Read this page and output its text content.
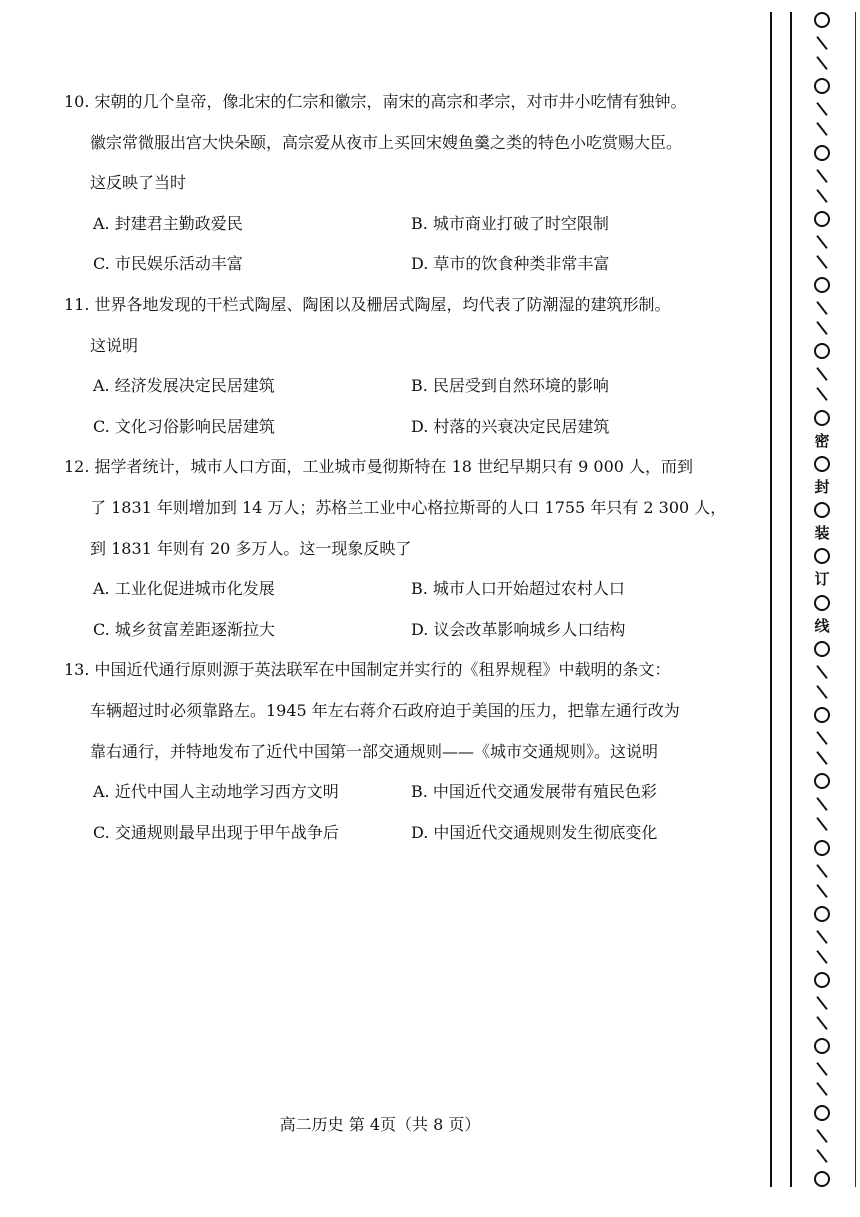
10. 宋朝的几个皇帝，像北宋的仁宗和徽宗，南宋的高宗和孝宗，对市井小吃情有独钟。
徽宗常微服出宫大快朵颐，高宗爱从夜市上买回宋嫂鱼羹之类的特色小吃赏赐大臣。
这反映了当时
A. 封建君主勤政爱民	B. 城市商业打破了时空限制
C. 市民娱乐活动丰富	D. 草市的饮食种类非常丰富
11. 世界各地发现的干栏式陶屋、陶囷以及栅居式陶屋，均代表了防潮湿的建筑形制。
这说明
A. 经济发展决定民居建筑	B. 民居受到自然环境的影响
C. 文化习俗影响民居建筑	D. 村落的兴衰决定民居建筑
12. 据学者统计，城市人口方面，工业城市曼彻斯特在 18 世纪早期只有 9 000 人，而到
了 1831 年则增加到 14 万人；苏格兰工业中心格拉斯哥的人口 1755 年只有 2 300 人，
到 1831 年则有 20 多万人。这一现象反映了
A. 工业化促进城市化发展	B. 城市人口开始超过农村人口
C. 城乡贫富差距逐渐拉大	D. 议会改革影响城乡人口结构
13. 中国近代通行原则源于英法联军在中国制定并实行的《租界规程》中载明的条文：
车辆超过时必须靠路左。1945 年左右蒋介石政府迫于美国的压力，把靠左通行改为
靠右通行，并特地发布了近代中国第一部交通规则——《城市交通规则》。这说明
A. 近代中国人主动地学习西方文明	B. 中国近代交通发展带有殖民色彩
C. 交通规则最早出现于甲午战争后	D. 中国近代交通规则发生彻底变化
高二历史 第 4页（共 8 页）
密
封
装
订
线
